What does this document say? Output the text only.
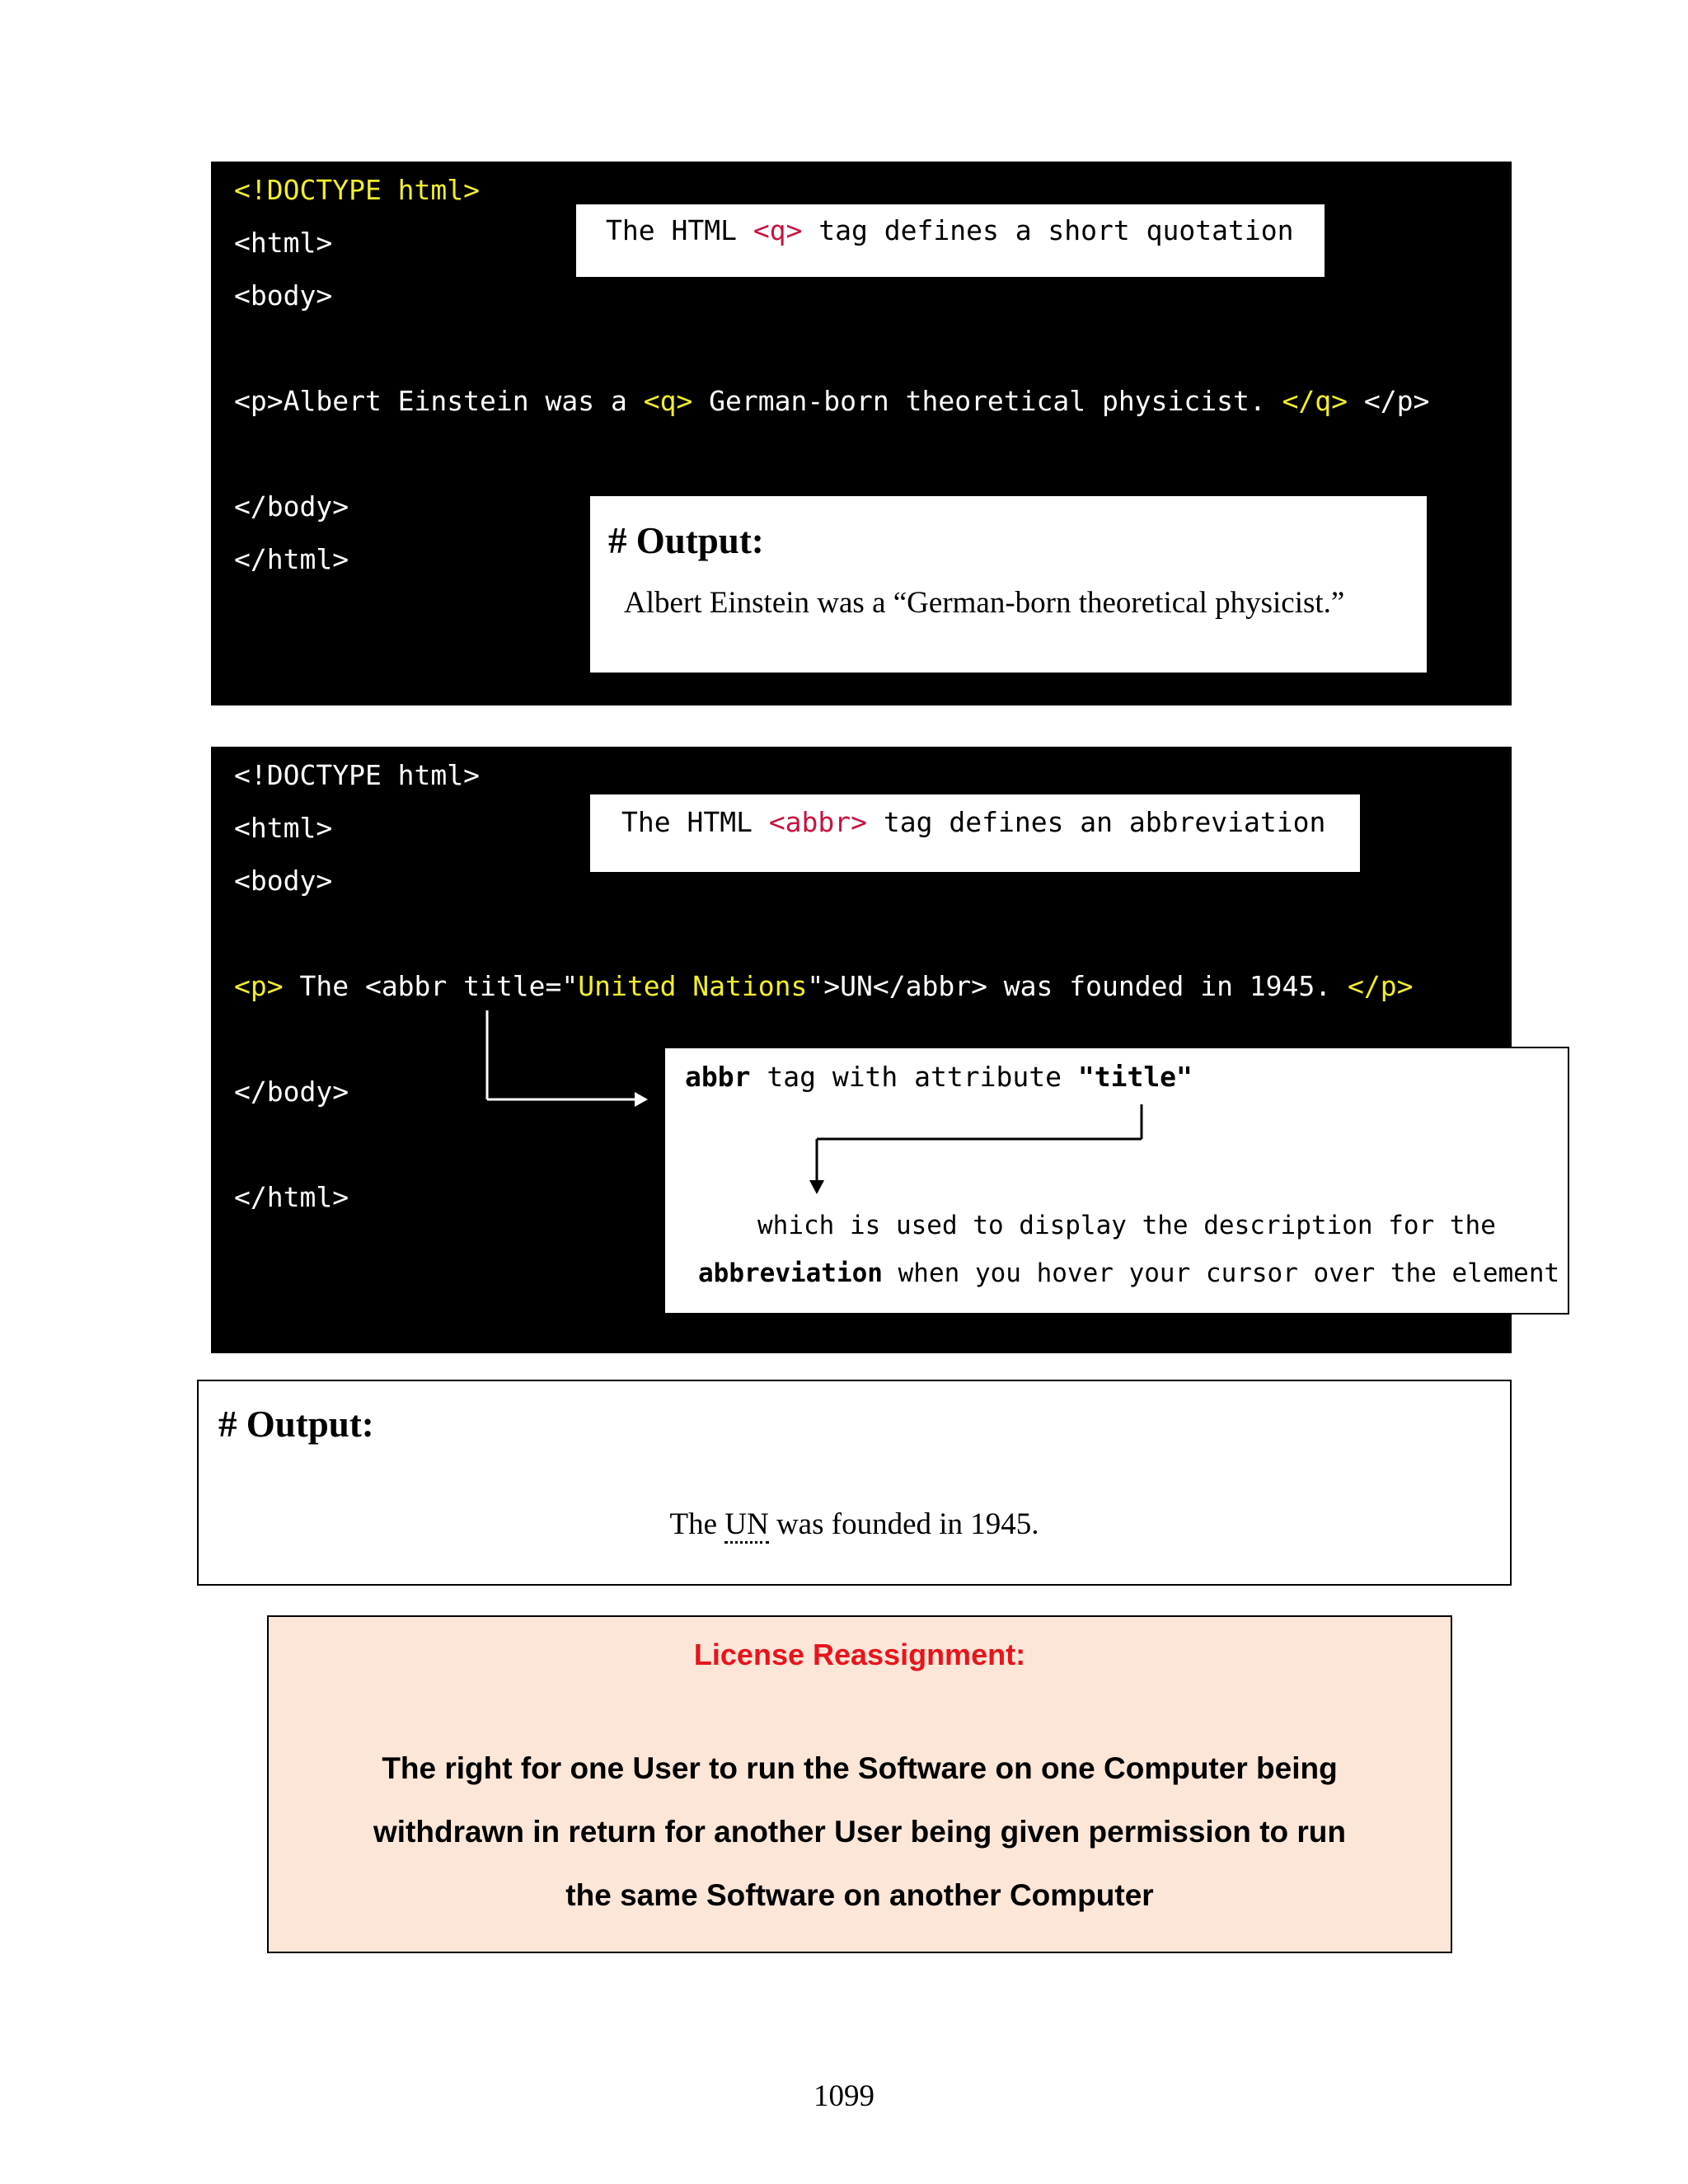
<!DOCTYPE html>
<html>
<body>
<p>Albert Einstein was a <q> German-born theoretical physicist. </q> </p>
</body>
</html>

The HTML <q> tag defines a short quotation

# Output:
Albert Einstein was a “German-born theoretical physicist.”
<!DOCTYPE html>
<html>
<body>
<p> The <abbr title="United Nations">UN</abbr> was founded in 1945. </p>
</body>
</html>

The HTML <abbr> tag defines an abbreviation

abbr tag with attribute "title"
which is used to display the description for the
abbreviation when you hover your cursor over the element
# Output:
The UN was founded in 1945.
License Reassignment:
The right for one User to run the Software on one Computer being
withdrawn in return for another User being given permission to run
the same Software on another Computer
1099
